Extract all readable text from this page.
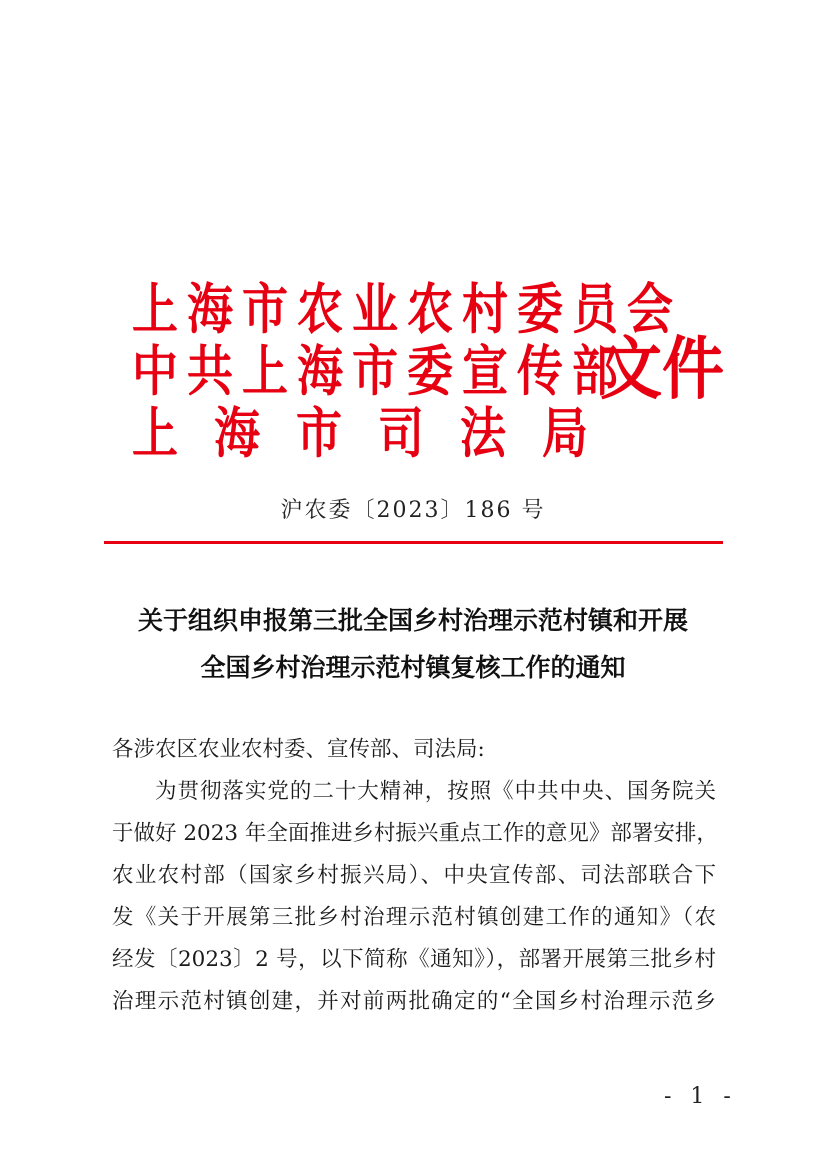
上海市农业农村委员会
中共上海市委宣传部
上 海 市 司 法 局
文件
沪农委〔2023〕186 号
关于组织申报第三批全国乡村治理示范村镇和开展
全国乡村治理示范村镇复核工作的通知
各涉农区农业农村委、宣传部、司法局:
为贯彻落实党的二十大精神，按照《中共中央、国务院关
于做好 2023 年全面推进乡村振兴重点工作的意见》部署安排，
农业农村部（国家乡村振兴局）、中央宣传部、司法部联合下
发《关于开展第三批乡村治理示范村镇创建工作的通知》（农
经发〔2023〕2 号，以下简称《通知》），部署开展第三批乡村
治理示范村镇创建，并对前两批确定的“全国乡村治理示范乡
- 1 -
